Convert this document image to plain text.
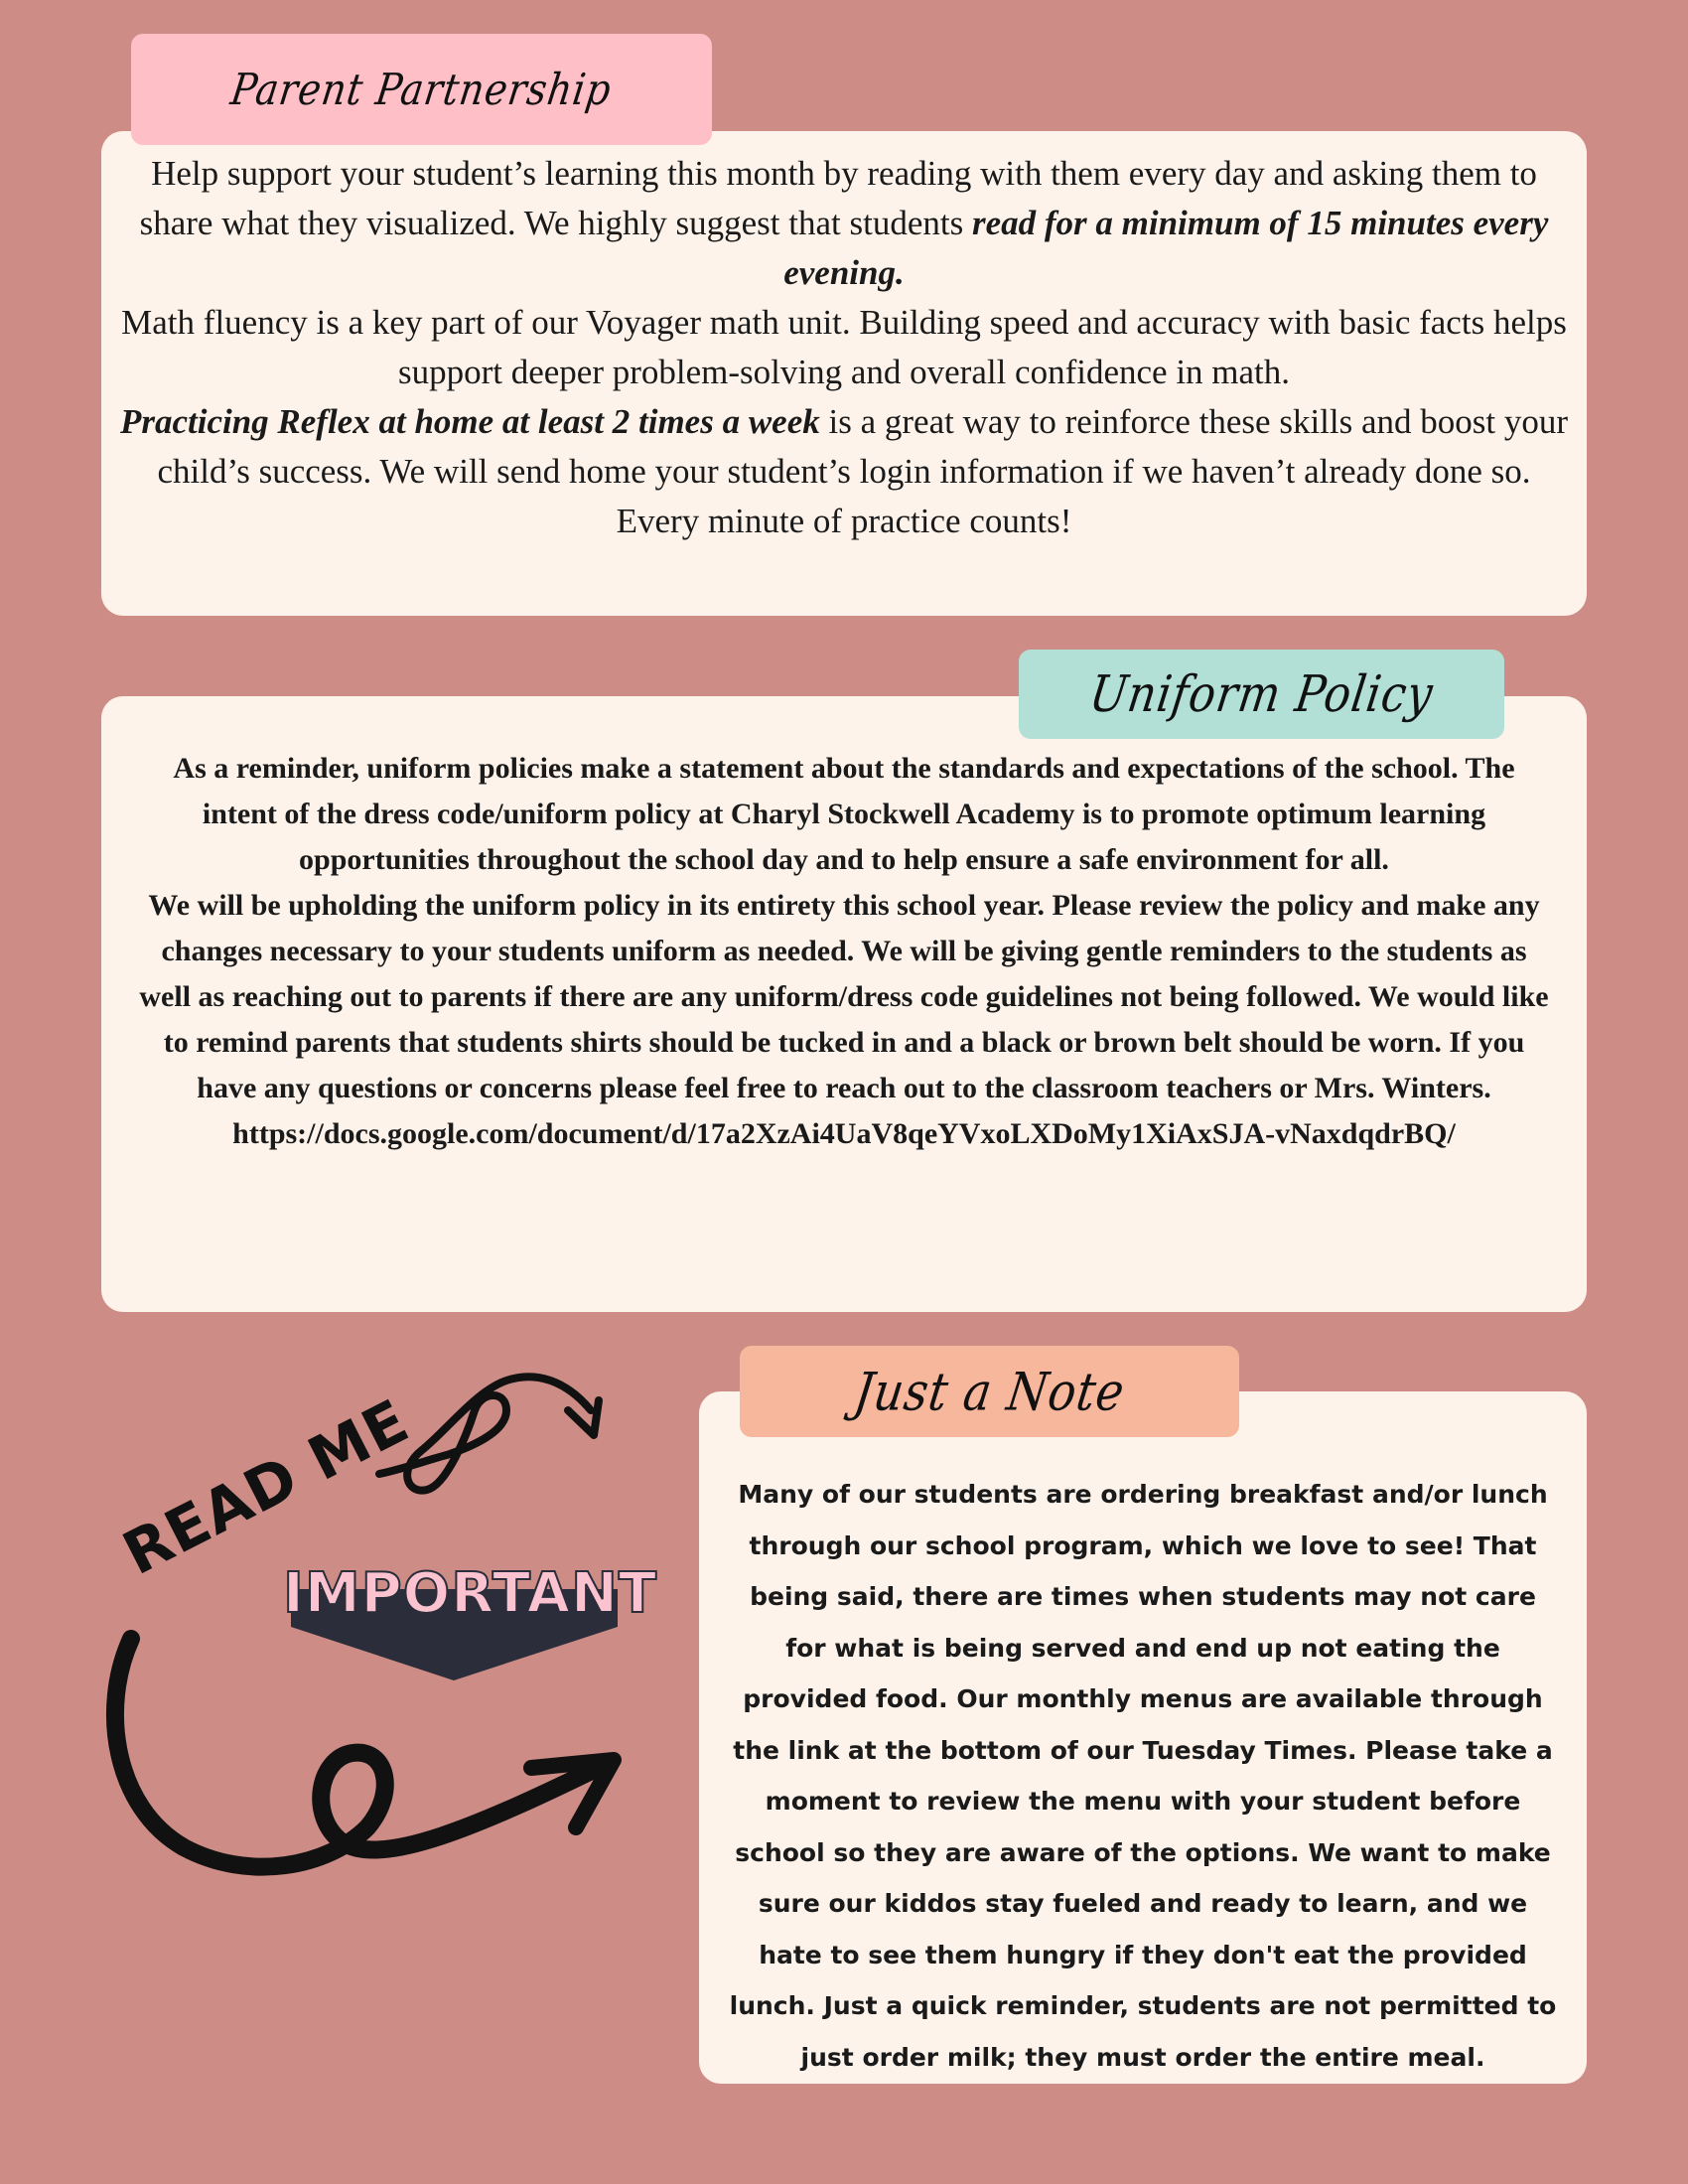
Help support your student’s learning this month by reading with them every day and asking them to share what they visualized. We highly suggest that students read for a minimum of 15 minutes every evening.

Math fluency is a key part of our Voyager math unit. Building speed and accuracy with basic facts helps support deeper problem-solving and overall confidence in math.

Practicing Reflex at home at least 2 times a week is a great way to reinforce these skills and boost your child’s success. We will send home your student’s login information if we haven’t already done so. Every minute of practice counts!

Parent Partnership

As a reminder, uniform policies make a statement about the standards and expectations of the school. The intent of the dress code/uniform policy at Charyl Stockwell Academy is to promote optimum learning opportunities throughout the school day and to help ensure a safe environment for all.

We will be upholding the uniform policy in its entirety this school year. Please review the policy and make any changes necessary to your students uniform as needed. We will be giving gentle reminders to the students as well as reaching out to parents if there are any uniform/dress code guidelines not being followed. We would like to remind parents that students shirts should be tucked in and a black or brown belt should be worn. If you have any questions or concerns please feel free to reach out to the classroom teachers or Mrs. Winters.

https://docs.google.com/document/d/17a2XzAi4UaV8qeYVxoLXDoMy1XiAxSJA-vNaxdqdrBQ/

Uniform Policy
Many of our students are ordering breakfast and/or lunch through our school program, which we love to see! That being said, there are times when students may not care for what is being served and end up not eating the provided food. Our monthly menus are available through the link at the bottom of our Tuesday Times. Please take a moment to review the menu with your student before school so they are aware of the options. We want to make sure our kiddos stay fueled and ready to learn, and we hate to see them hungry if they don't eat the provided lunch. Just a quick reminder, students are not permitted to just order milk; they must order the entire meal.
Just a Note
READ ME
IMPORTANT
